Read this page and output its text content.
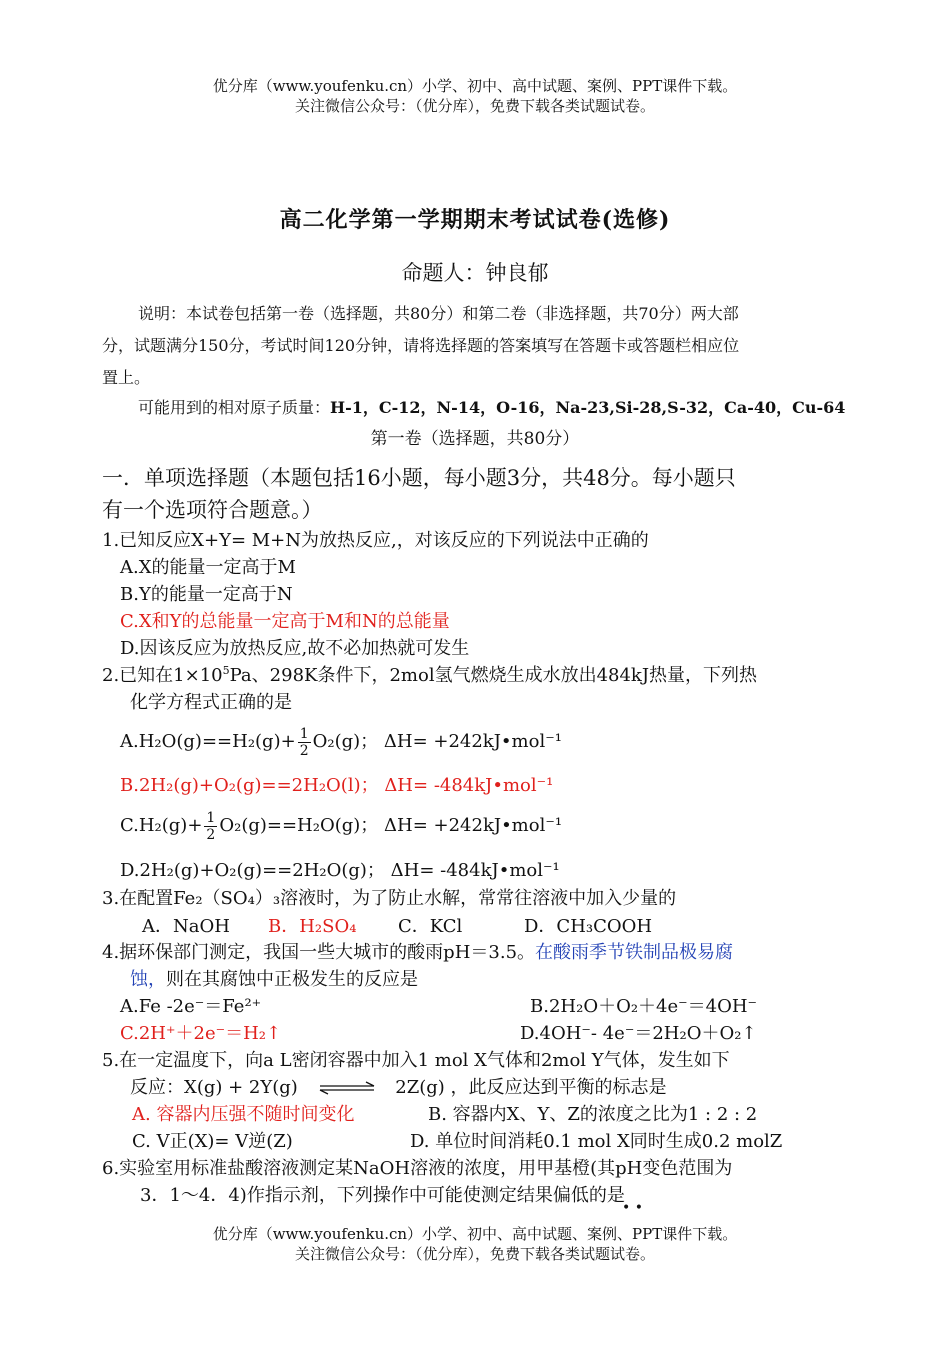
优分库（www.youfenku.cn）小学、初中、高中试题、案例、PPT课件下载。
关注微信公众号：（优分库），免费下载各类试题试卷。
高二化学第一学期期末考试试卷(选修)
命题人：钟良郁
说明：本试卷包括第一卷（选择题，共80分）和第二卷（非选择题，共70分）两大部
分，试题满分150分，考试时间120分钟，请将选择题的答案填写在答题卡或答题栏相应位
置上。
可能用到的相对原子质量：H-1，C-12，N-14，O-16，Na-23,Si-28,S-32，Ca-40，Cu-64
第一卷（选择题，共80分）
一．单项选择题（本题包括16小题，每小题3分，共48分。每小题只
有一个选项符合题意。）
1.已知反应X+Y= M+N为放热反应,，对该反应的下列说法中正确的
A.X的能量一定高于M
B.Y的能量一定高于N
C.X和Y的总能量一定高于M和N的总能量
D.因该反应为放热反应,故不必加热就可发生
2.已知在$1\times 10^5Pa$、298K条件下，2mol氢气燃烧生成水放出484kJ热量，下列热
化学方程式正确的是
$A.H_2O(g)==H_2(g)+ \frac{1}{2} O_2(g)$； ΔH= +242kJ•mol⁻¹
B.2H₂(g)+O₂(g)==2H₂O(l)； ΔH= -484kJ•mol⁻¹
$C.H_2(g)+ \frac{1}{2} O_2(g)==H_2O(g)$； ΔH= +242kJ•mol⁻¹
D.2H₂(g)+O₂(g)==2H₂O(g)； ΔH= -484kJ•mol⁻¹
3.在配置Fe₂（SO₄）₃溶液时，为了防止水解，常常往溶液中加入少量的
A．NaOH B．H₂SO₄ C．KCl	D．CH₃COOH
4.据环保部门测定，我国一些大城市的酸雨pH＝3.5。在酸雨季节铁制品极易腐
蚀，则在其腐蚀中正极发生的反应是
A.Fe -2e⁻＝Fe²⁺	B.2H₂O＋O₂＋4e⁻＝4OH⁻
C.2H⁺＋2e⁻＝H₂↑	D.4OH⁻- 4e⁻＝2H₂O＋O₂↑
5.在一定温度下，向a L密闭容器中加入1 mol X气体和2mol Y气体，发生如下
反应：X(g) + 2Y(g) ⇌ 2Z(g) ，此反应达到平衡的标志是
A. 容器内压强不随时间变化	B. 容器内X、Y、Z的浓度之比为1 : 2 : 2
C. V正(X)= V逆(Z)	D. 单位时间消耗0.1 mol X同时生成0.2 molZ
6.实验室用标准盐酸溶液测定某NaOH溶液的浓度，用甲基橙(其pH变色范围为
3．1～4．4)作指示剂，下列操作中可能使测定结果偏低的是
• •
优分库（www.youfenku.cn）小学、初中、高中试题、案例、PPT课件下载。
关注微信公众号：（优分库），免费下载各类试题试卷。
